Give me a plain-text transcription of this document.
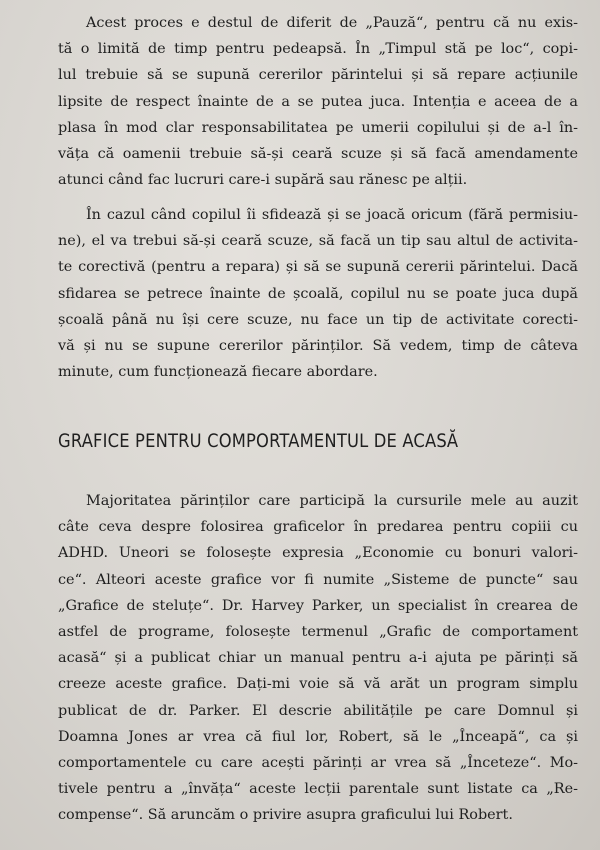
Acest proces e destul de diferit de „Pauză“, pentru că nu exis-
tă o limită de timp pentru pedeapsă. În „Timpul stă pe loc“, copi-
lul trebuie să se supună cererilor părintelui și să repare acțiunile
lipsite de respect înainte de a se putea juca. Intenția e aceea de a
plasa în mod clar responsabilitatea pe umerii copilului și de a-l în-
văța că oamenii trebuie să-și ceară scuze și să facă amendamente
atunci când fac lucruri care-i supără sau rănesc pe alții.

În cazul când copilul îi sfidează și se joacă oricum (fără permisiu-
ne), el va trebui să-și ceară scuze, să facă un tip sau altul de activita-
te corectivă (pentru a repara) și să se supună cererii părintelui. Dacă
sfidarea se petrece înainte de școală, copilul nu se poate juca după
școală până nu își cere scuze, nu face un tip de activitate corecti-
vă și nu se supune cererilor părinților. Să vedem, timp de câteva
minute, cum funcționează fiecare abordare.

GRAFICE PENTRU COMPORTAMENTUL DE ACASĂ

Majoritatea părinților care participă la cursurile mele au auzit
câte ceva despre folosirea graficelor în predarea pentru copiii cu
ADHD. Uneori se folosește expresia „Economie cu bonuri valori-
ce“. Alteori aceste grafice vor fi numite „Sisteme de puncte“ sau
„Grafice de steluțe“. Dr. Harvey Parker, un specialist în crearea de
astfel de programe, folosește termenul „Grafic de comportament
acasă“ și a publicat chiar un manual pentru a-i ajuta pe părinți să
creeze aceste grafice. Dați-mi voie să vă arăt un program simplu
publicat de dr. Parker. El descrie abilitățile pe care Domnul și
Doamna Jones ar vrea că fiul lor, Robert, să le „Înceapă“, ca și
comportamentele cu care acești părinți ar vrea să „Înceteze“. Mo-
tivele pentru a „învăța“ aceste lecții parentale sunt listate ca „Re-
compense“. Să aruncăm o privire asupra graficului lui Robert.
